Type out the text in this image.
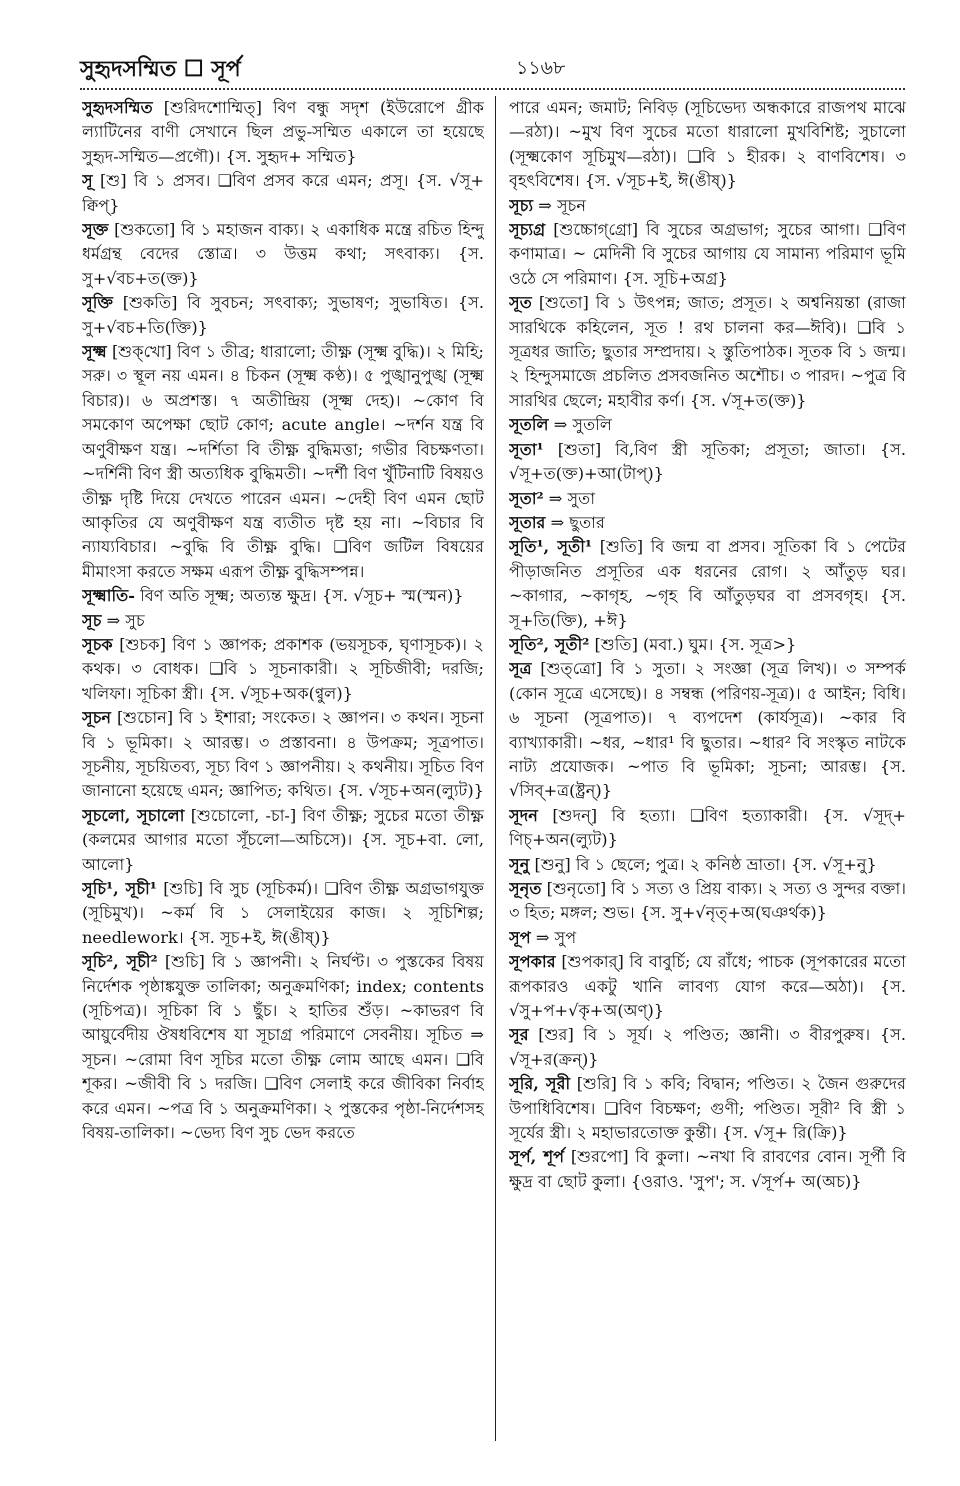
সুহৃদসম্মিত ☐ সূর্প	১১৬৮

সুহৃদসম্মিত [শুরিদশোম্মিত্] বিণ বন্ধু সদৃশ (ইউরোপে গ্রীক ল্যাটিনের বাণী সেখানে ছিল প্রভু-সম্মিত একালে তা হয়েছে সুহৃদ-সম্মিত—প্রগৌ)। {স. সুহৃদ+ সম্মিত}

সূ [শু] বি ১ প্রসব। ❑বিণ প্রসব করে এমন; প্রসূ। {স. √সূ+ ক্বিপ্}

সূক্ত [শুকতো] বি ১ মহাজন বাক্য। ২ একাধিক মন্ত্রে রচিত হিন্দু ধর্মগ্রন্থ বেদের স্তোত্র। ৩ উত্তম কথা; সৎবাক্য। {স. সু+√বচ+ত(ক্ত)}

সূক্তি [শুকতি] বি সুবচন; সৎবাক্য; সুভাষণ; সুভাষিত। {স. সু+√বচ+তি(ক্তি)}

সূক্ষ্ম [শুক্‌খো] বিণ ১ তীব্র; ধারালো; তীক্ষ্ণ (সূক্ষ্ম বুদ্ধি)। ২ মিহি; সরু। ৩ স্থূল নয় এমন। ৪ চিকন (সূক্ষ্ম কণ্ঠ)। ৫ পুঙ্খানুপুঙ্খ (সূক্ষ্ম বিচার)। ৬ অপ্রশস্ত। ৭ অতীন্দ্রিয় (সূক্ষ্ম দেহ)। ~কোণ বি সমকোণ অপেক্ষা ছোট কোণ; acute angle। ~দর্শন যন্ত্র বি অণুবীক্ষণ যন্ত্র। ~দর্শিতা বি তীক্ষ্ণ বুদ্ধিমত্তা; গভীর বিচক্ষণতা। ~দর্শিনী বিণ স্ত্রী অত্যধিক বুদ্ধিমতী। ~দর্শী বিণ খুঁটিনাটি বিষয়ও তীক্ষ্ণ দৃষ্টি দিয়ে দেখতে পারেন এমন। ~দেহী বিণ এমন ছোট আকৃতির যে অণুবীক্ষণ যন্ত্র ব্যতীত দৃষ্ট হয় না। ~বিচার বি ন্যায্যবিচার। ~বুদ্ধি বি তীক্ষ্ণ বুদ্ধি। ❑বিণ জটিল বিষয়ের মীমাংসা করতে সক্ষম এরূপ তীক্ষ্ণ বুদ্ধিসম্পন্ন।

সূক্ষ্মাতি- বিণ অতি সূক্ষ্ম; অত্যন্ত ক্ষুদ্র। {স. √সূচ+ স্ম(স্মন)}

সূচ ⇒ সুচ

সূচক [শুচক] বিণ ১ জ্ঞাপক; প্রকাশক (ভয়সূচক, ঘৃণাসূচক)। ২ কথক। ৩ বোধক। ❑বি ১ সূচনাকারী। ২ সূচিজীবী; দরজি; খলিফা। সূচিকা স্ত্রী। {স. √সূচ+অক(ণ্বুল)}

সূচন [শুচোন] বি ১ ইশারা; সংকেত। ২ জ্ঞাপন। ৩ কথন। সূচনা বি ১ ভূমিকা। ২ আরম্ভ। ৩ প্রস্তাবনা। ৪ উপক্রম; সূত্রপাত। সূচনীয়, সূচয়িতব্য, সূচ্য বিণ ১ জ্ঞাপনীয়। ২ কথনীয়। সূচিত বিণ জানানো হয়েছে এমন; জ্ঞাপিত; কথিত। {স. √সূচ+অন(ল্যুট)}

সূচলো, সূচালো [শুচোলো, -চা-] বিণ তীক্ষ্ণ; সুচের মতো তীক্ষ্ণ (কলমের আগার মতো সূঁচলো—অচিসে)। {স. সূচ+বা. লো, আলো}

সূচি¹, সূচী¹ [শুচি] বি সুচ (সূচিকর্ম)। ❑বিণ তীক্ষ্ণ অগ্রভাগযুক্ত (সূচিমুখ)। ~কর্ম বি ১ সেলাইয়ের কাজ। ২ সূচিশিল্প; needlework। {স. সূচ+ই, ঈ(ঙীষ্)}

সূচি², সূচী² [শুচি] বি ১ জ্ঞাপনী। ২ নির্ঘণ্ট। ৩ পুস্তকের বিষয় নির্দেশক পৃষ্ঠাঙ্কযুক্ত তালিকা; অনুক্রমণিকা; index; contents (সূচিপত্র)। সূচিকা বি ১ ছুঁচ। ২ হাতির শুঁড়। ~কাভরণ বি আয়ুর্বেদীয় ঔষধবিশেষ যা সূচাগ্র পরিমাণে সেবনীয়। সূচিত ⇒ সূচন। ~রোমা বিণ সূচির মতো তীক্ষ্ণ লোম আছে এমন। ❑বি শূকর। ~জীবী বি ১ দরজি। ❑বিণ সেলাই করে জীবিকা নির্বাহ করে এমন। ~পত্র বি ১ অনুক্রমণিকা। ২ পুস্তকের পৃষ্ঠা-নির্দেশসহ বিষয়-তালিকা। ~ভেদ্য বিণ সুচ ভেদ করতে

পারে এমন; জমাট; নিবিড় (সূচিভেদ্য অন্ধকারে রাজপথ মাঝে—রঠা)। ~মুখ বিণ সুচের মতো ধারালো মুখবিশিষ্ট; সুচালো (সূক্ষ্মকোণ সূচিমুখ—রঠা)। ❑বি ১ হীরক। ২ বাণবিশেষ। ৩ বৃহৎবিশেষ। {স. √সূচ+ই, ঈ(ঙীষ্)}

সূচ্য ⇒ সূচন

সূচ্যগ্র [শুচ্চোগ্‌গ্রো] বি সুচের অগ্রভাগ; সুচের আগা। ❑বিণ কণামাত্র। ~ মেদিনী বি সুচের আগায় যে সামান্য পরিমাণ ভূমি ওঠে সে পরিমাণ। {স. সূচি+অগ্র}

সূত [শুতো] বি ১ উৎপন্ন; জাত; প্রসূত। ২ অশ্বনিয়ন্তা (রাজা সারথিকে কহিলেন, সূত ! রথ চালনা কর—ঈবি)। ❑বি ১ সূত্রধর জাতি; ছুতার সম্প্রদায়। ২ স্তুতিপাঠক। সূতক বি ১ জন্ম। ২ হিন্দুসমাজে প্রচলিত প্রসবজনিত অশৌচ। ৩ পারদ। ~পুত্র বি সারথির ছেলে; মহাবীর কর্ণ। {স. √সূ+ত(ক্ত)}

সূতলি ⇒ সুতলি

সূতা¹ [শুতা] বি,বিণ স্ত্রী সূতিকা; প্রসূতা; জাতা। {স. √সূ+ত(ক্ত)+আ(টাপ্)}

সূতা² ⇒ সুতা

সূতার ⇒ ছুতার

সূতি¹, সূতী¹ [শুতি] বি জন্ম বা প্রসব। সূতিকা বি ১ পেটের পীড়াজনিত প্রসূতির এক ধরনের রোগ। ২ আঁতুড় ঘর। ~কাগার, ~কাগৃহ, ~গৃহ বি আঁতুড়ঘর বা প্রসবগৃহ। {স. সূ+তি(ক্তি), +ঈ}

সূতি², সূতী² [শুতি] (মবা.) ঘুম। {স. সূত্র>}

সূত্র [শুত্‌ত্রো] বি ১ সুতা। ২ সংজ্ঞা (সূত্র লিখ)। ৩ সম্পর্ক (কোন সূত্রে এসেছে)। ৪ সম্বন্ধ (পরিণয়-সূত্র)। ৫ আইন; বিধি। ৬ সূচনা (সূত্রপাত)। ৭ ব্যপদেশ (কার্যসূত্র)। ~কার বি ব্যাখ্যাকারী। ~ধর, ~ধার¹ বি ছুতার। ~ধার² বি সংস্কৃত নাটকে নাট্য প্রযোজক। ~পাত বি ভূমিকা; সূচনা; আরম্ভ। {স. √সিব্+ত্র(ষ্ট্রন্)}

সূদন [শুদন্] বি হত্যা। ❑বিণ হত্যাকারী। {স. √সূদ্+ ণিচ্+অন(ল্যুট)}

সূনু [শুনু] বি ১ ছেলে; পুত্র। ২ কনিষ্ঠ ভ্রাতা। {স. √সূ+নু}

সূনৃত [শুনৃতো] বি ১ সত্য ও প্রিয় বাক্য। ২ সত্য ও সুন্দর বক্তা। ৩ হিত; মঙ্গল; শুভ। {স. সু+√নৃত্+অ(ঘঞর্থক)}

সূপ ⇒ সুপ

সূপকার [শুপকার্] বি বাবুর্চি; যে রাঁধে; পাচক (সূপকারের মতো রূপকারও একটু খানি লাবণ্য যোগ করে—অঠা)। {স. √সু+প+√কৃ+অ(অণ্)}

সূর [শুর] বি ১ সূর্য। ২ পণ্ডিত; জ্ঞানী। ৩ বীরপুরুষ। {স. √সূ+র(ক্রন্)}

সূরি, সূরী [শুরি] বি ১ কবি; বিদ্বান; পণ্ডিত। ২ জৈন গুরুদের উপাধিবিশেষ। ❑বিণ বিচক্ষণ; গুণী; পণ্ডিত। সূরী² বি স্ত্রী ১ সূর্যের স্ত্রী। ২ মহাভারতোক্ত কুন্তী। {স. √সূ+ রি(ক্রি)}

সূর্প, শূর্প [শুরপো] বি কুলা। ~নখা বি রাবণের বোন। সূর্পী বি ক্ষুদ্র বা ছোট কুলা। {ওরাও. 'সুপ'; স. √সূর্প+ অ(অচ)}
